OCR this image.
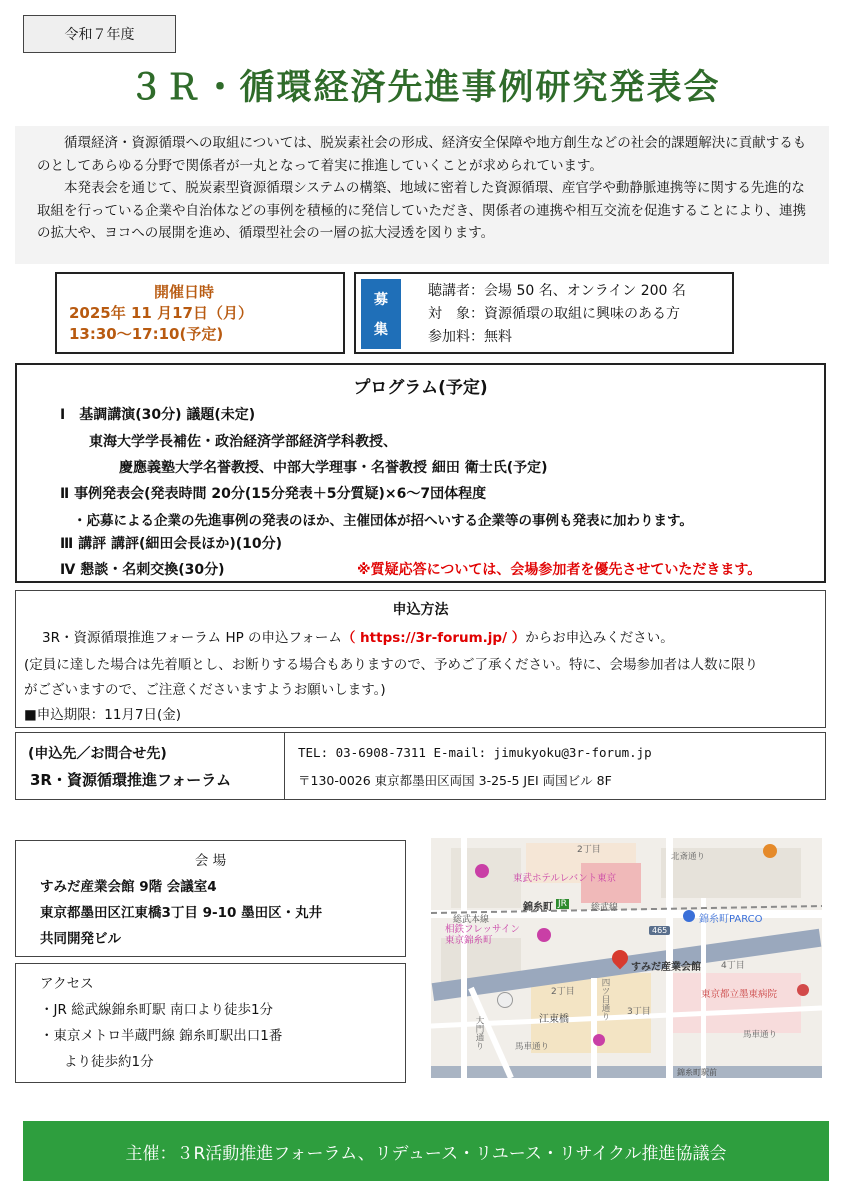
令和７年度
３Ｒ・循環経済先進事例研究発表会

循環経済・資源循環への取組については、脱炭素社会の形成、経済安全保障や地方創生などの社会的課題解決に貢献するものとしてあらゆる分野で関係者が一丸となって着実に推進していくことが求められています。

本発表会を通じて、脱炭素型資源循環システムの構築、地域に密着した資源循環、産官学や動静脈連携等に関する先進的な取組を行っている企業や自治体などの事例を積極的に発信していただき、関係者の連携や相互交流を促進することにより、連携の拡大や、ヨコへの展開を進め、循環型社会の一層の拡大浸透を図ります。

開催日時
2025年 11 月17日（月）
13:30～17:10(予定)
募
集
聴講者：会場 50 名、オンライン 200 名
対　象：資源循環の取組に興味のある方
参加料：無料
プログラム(予定)
Ⅰ　基調講演(30分) 議題(未定)
東海大学学長補佐・政治経済学部経済学科教授、
慶應義塾大学名誉教授、中部大学理事・名誉教授 細田 衛士氏(予定)
Ⅱ 事例発表会(発表時間 20分(15分発表＋5分質疑)×6～7団体程度
・応募による企業の先進事例の発表のほか、主催団体が招へいする企業等の事例も発表に加わります。
Ⅲ 講評 講評(細田会長ほか)(10分)
Ⅳ 懇談・名刺交換(30分)	※質疑応答については、会場参加者を優先させていただきます。
申込方法
3R・資源循環推進フォーラム HP の申込フォーム（ https://3r-forum.jp/ ）からお申込みください。
(定員に達した場合は先着順とし、お断りする場合もありますので、予めご了承ください。特に、会場参加者は人数に限り
がございますので、ご注意くださいますようお願いします。)
■申込期限：11月7日(金)
(申込先／お問合せ先)
3R・資源循環推進フォーラム
TEL: 03-6908-7311 E-mail: jimukyoku@3r-forum.jp
〒130-0026 東京都墨田区両国 3-25-5 JEI 両国ビル 8F
会 場
すみだ産業会館 9階 会議室4
東京都墨田区江東橋3丁目 9-10 墨田区・丸井
共同開発ビル
アクセス
・JR 総武線錦糸町駅 南口より徒歩1分
・東京メトロ半蔵門線 錦糸町駅出口1番
より徒歩約1分
東武ホテルレバント東京
錦糸町 JR	総武線
総武本線	錦糸町PARCO
465
相鉄フレッサイン
東京錦糸町
すみだ産業会館
東京都立墨東病院
江東橋
2丁目
2丁目
3丁目
4丁目
北斎通り
四ツ目通り
大門通り	馬車通り
馬車通り
錦糸町駅前
主催：３R活動推進フォーラム、リデュース・リユース・リサイクル推進協議会
